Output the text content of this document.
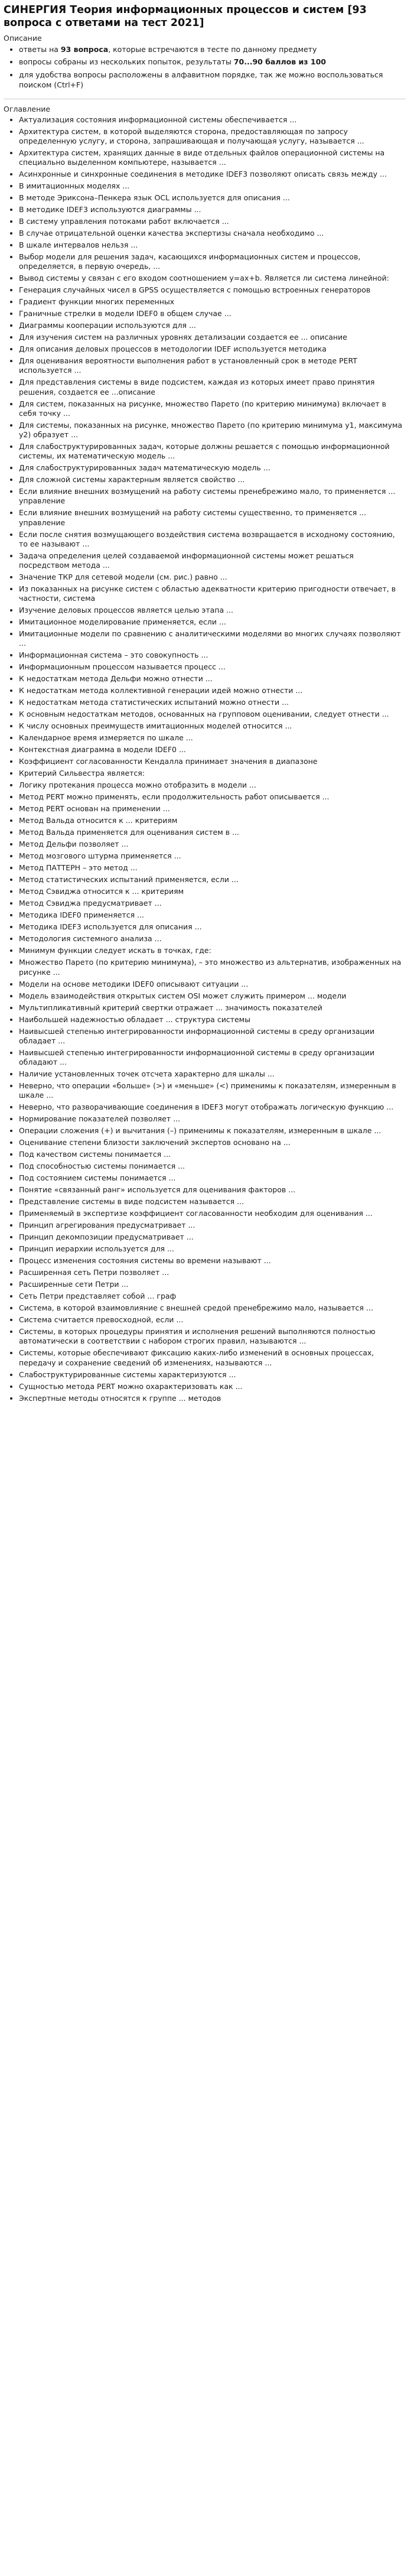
СИНЕРГИЯ Теория информационных процессов и систем [93 вопроса с ответами на тест 2021]
Описание
• ответы на 93 вопроса, которые встречаются в тесте по данному предмету
• вопросы собраны из нескольких попыток, результаты 70...90 баллов из 100
• для удобства вопросы расположены в алфавитном порядке, так же можно воспользоваться поиском (Ctrl+F)
Оглавление
• Актуализация состояния информационной системы обеспечивается ...
• Архитектура систем, в которой выделяются сторона, предоставляющая по запросу определенную услугу, и сторона, запрашивающая и получающая услугу, называется ...
• Архитектура систем, хранящих данные в виде отдельных файлов операционной системы на специально выделенном компьютере, называется ...
• Асинхронные и синхронные соединения в методике IDEF3 позволяют описать связь между ...
• В имитационных моделях ...
• В методе Эриксона–Пенкера язык OCL используется для описания ...
• В методике IDEF3 используются диаграммы ...
• В систему управления потоками работ включается ...
• В случае отрицательной оценки качества экспертизы сначала необходимо ...
• В шкале интервалов нельзя ...
• Выбор модели для решения задач, касающихся информационных систем и процессов, определяется, в первую очередь, ...
• Вывод системы у связан с его входом соотношением y=ax+b. Является ли система линейной:
• Генерация случайных чисел в GPSS осуществляется с помощью встроенных генераторов
• Градиент функции многих переменных
• Граничные стрелки в модели IDEF0 в общем случае ...
• Диаграммы кооперации используются для ...
• Для изучения систем на различных уровнях детализации создается ее ... описание
• Для описания деловых процессов в методологии IDEF используется методика
• Для оценивания вероятности выполнения работ в установленный срок в методе PERT используется ...
• Для представления системы в виде подсистем, каждая из которых имеет право принятия решения, создается ее ...описание
• Для систем, показанных на рисунке, множество Парето (по критерию минимума) включает в себя точку ...
• Для системы, показанных на рисунке, множество Парето (по критерию минимума y1, максимума y2) образует ...
• Для слабоструктурированных задач, которые должны решается с помощью информационной системы, их математическую модель ...
• Для слабоструктурированных задач математическую модель ...
• Для сложной системы характерным является свойство ...
• Если влияние внешних возмущений на работу системы пренебрежимо мало, то применяется ... управление
• Если влияние внешних возмущений на работу системы существенно, то применяется ... управление
• Если после снятия возмущающего воздействия система возвращается в исходному состоянию, то ее называют ...
• Задача определения целей создаваемой информационной системы может решаться посредством метода ...
• Значение ТКР для сетевой модели (см. рис.) равно ...
• Из показанных на рисунке систем с областью адекватности критерию пригодности отвечает, в частности, система
• Изучение деловых процессов является целью этапа ...
• Имитационное моделирование применяется, если ...
• Имитационные модели по сравнению с аналитическими моделями во многих случаях позволяют ...
• Информационная система – это совокупность ...
• Информационным процессом называется процесс ...
• К недостаткам метода Дельфи можно отнести ...
• К недостаткам метода коллективной генерации идей можно отнести ...
• К недостаткам метода статистических испытаний можно отнести ...
• К основным недостаткам методов, основанных на групповом оценивании, следует отнести ...
• К числу основных преимуществ имитационных моделей относится ...
• Календарное время измеряется по шкале ...
• Контекстная диаграмма в модели IDEF0 ...
• Коэффициент согласованности Кендалла принимает значения в диапазоне
• Критерий Сильвестра является:
• Логику протекания процесса можно отобразить в модели ...
• Метод PERT можно применять, если продолжительность работ описывается ...
• Метод PERT основан на применении ...
• Метод Вальда относится к ... критериям
• Метод Вальда применяется для оценивания систем в ...
• Метод Дельфи позволяет ...
• Метод мозгового штурма применяется ...
• Метод ПАТТЕРН – это метод ...
• Метод статистических испытаний применяется, если ...
• Метод Сэвиджа относится к ... критериям
• Метод Сэвиджа предусматривает ...
• Методика IDEF0 применяется ...
• Методика IDEF3 используется для описания ...
• Методология системного анализа ...
• Минимум функции следует искать в точках, где:
• Множество Парето (по критерию минимума), – это множество из альтернатив, изображенных на рисунке ...
• Модели на основе методики IDEF0 описывают ситуации ...
• Модель взаимодействия открытых систем OSI может служить примером ... модели
• Мультипликативный критерий свертки отражает ... значимость показателей
• Наибольшей надежностью обладает ... структура системы
• Наивысшей степенью интегрированности информационной системы в среду организации обладает ...
• Наивысшей степенью интегрированности информационной системы в среду организации обладают ...
• Наличие установленных точек отсчета характерно для шкалы ...
• Неверно, что операции «больше» (>) и «меньше» (<) применимы к показателям, измеренным в шкале ...
• Неверно, что разворачивающие соединения в IDEF3 могут отображать логическую функцию ...
• Нормирование показателей позволяет ...
• Операции сложения (+) и вычитания (–) применимы к показателям, измеренным в шкале ...
• Оценивание степени близости заключений экспертов основано на ...
• Под качеством системы понимается ...
• Под способностью системы понимается ...
• Под состоянием системы понимается ...
• Понятие «связанный ранг» используется для оценивания факторов ...
• Представление системы в виде подсистем называется ...
• Применяемый в экспертизе коэффициент согласованности необходим для оценивания ...
• Принцип агрегирования предусматривает ...
• Принцип декомпозиции предусматривает ...
• Принцип иерархии используется для ...
• Процесс изменения состояния системы во времени называют ...
• Расширенная сеть Петри позволяет ...
• Расширенные сети Петри ...
• Сеть Петри представляет собой ... граф
• Система, в которой взаимовлияние с внешней средой пренебрежимо мало, называется ...
• Система считается превосходной, если ...
• Системы, в которых процедуры принятия и исполнения решений выполняются полностью автоматически в соответствии с набором строгих правил, называются ...
• Системы, которые обеспечивают фиксацию каких-либо изменений в основных процессах, передачу и сохранение сведений об изменениях, называются ...
• Слабоструктурированные системы характеризуются ...
• Сущностью метода PERT можно охарактеризовать как ...
• Экспертные методы относятся к группе ... методов
